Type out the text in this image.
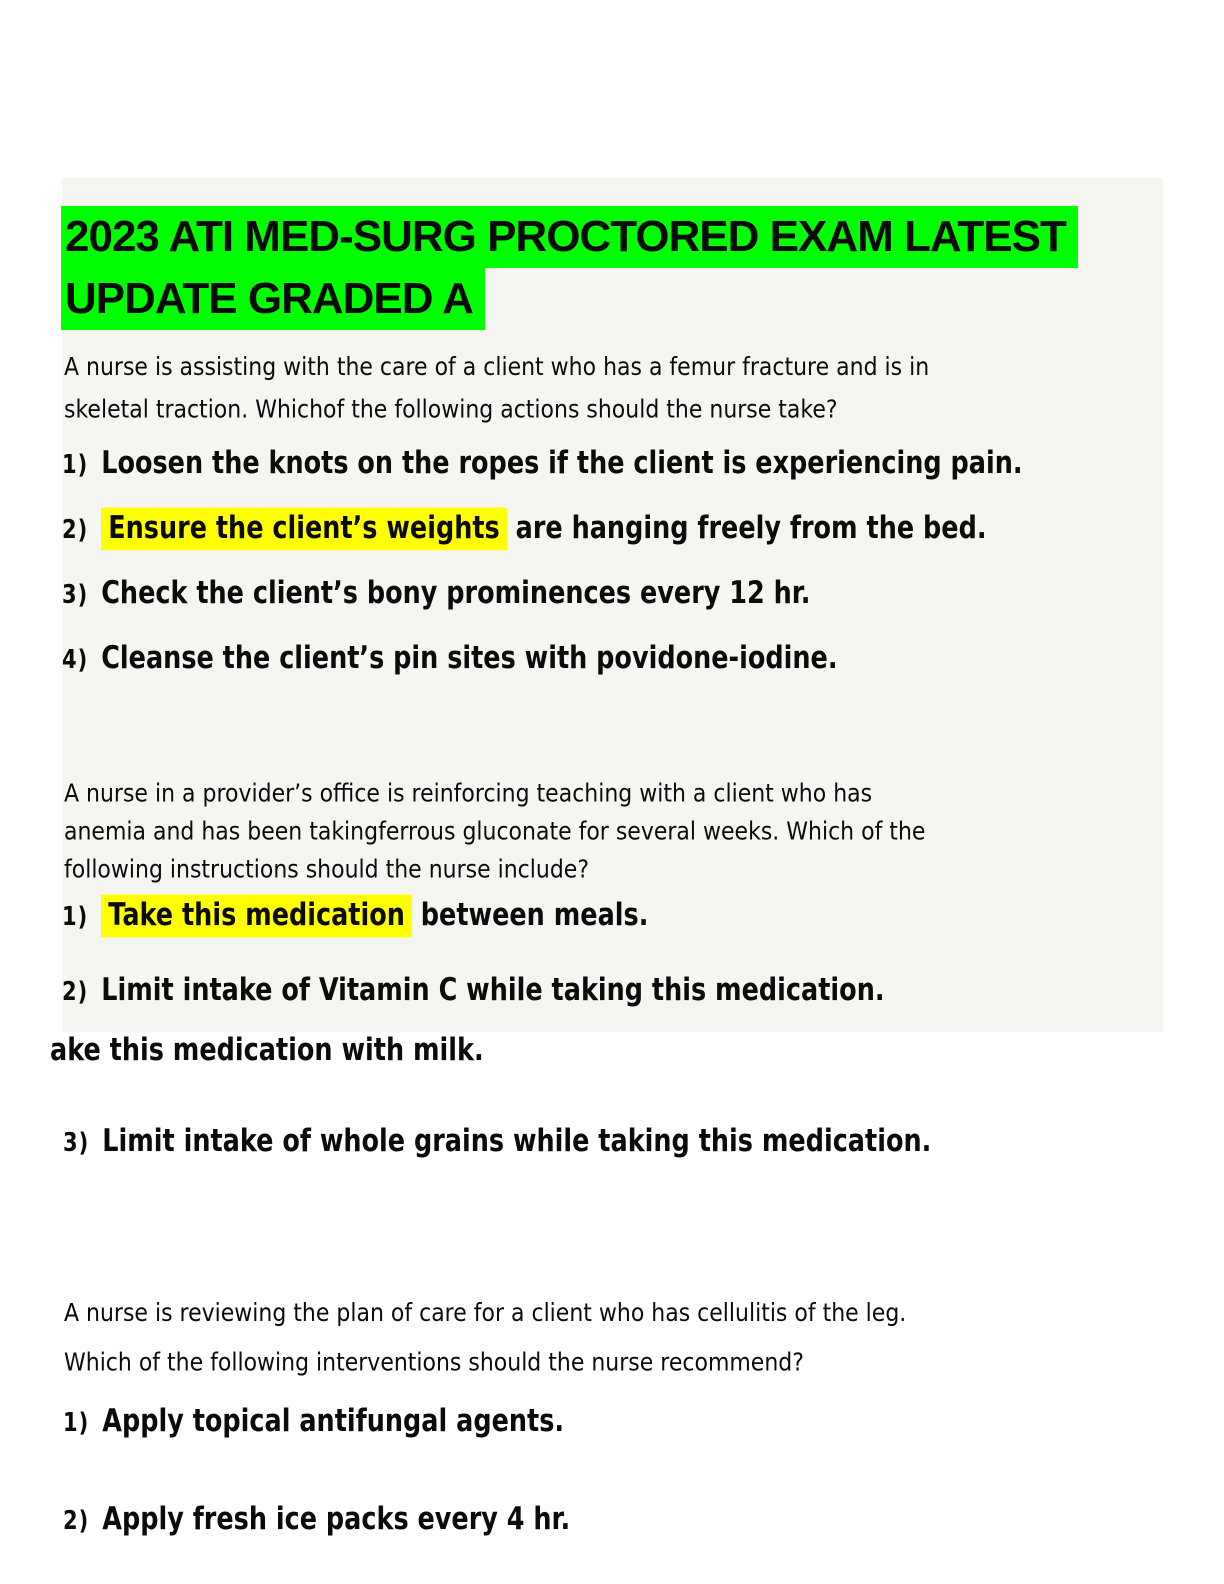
2023 ATI MED-SURG PROCTORED EXAM LATEST
UPDATE GRADED A
A nurse is assisting with the care of a client who has a femur fracture and is in
skeletal traction. Whichof the following actions should the nurse take?
1) Loosen the knots on the ropes if the client is experiencing pain.
2) Ensure the client’s weights are hanging freely from the bed.
3) Check the client’s bony prominences every 12 hr.
4) Cleanse the client’s pin sites with povidone-iodine.
A nurse in a provider’s office is reinforcing teaching with a client who has
anemia and has been takingferrous gluconate for several weeks. Which of the
following instructions should the nurse include?
1) Take this medication between meals.
2) Limit intake of Vitamin C while taking this medication.

ake this medication with milk.

3) Limit intake of whole grains while taking this medication.
A nurse is reviewing the plan of care for a client who has cellulitis of the leg.
Which of the following interventions should the nurse recommend?
1) Apply topical antifungal agents.
2) Apply fresh ice packs every 4 hr.
